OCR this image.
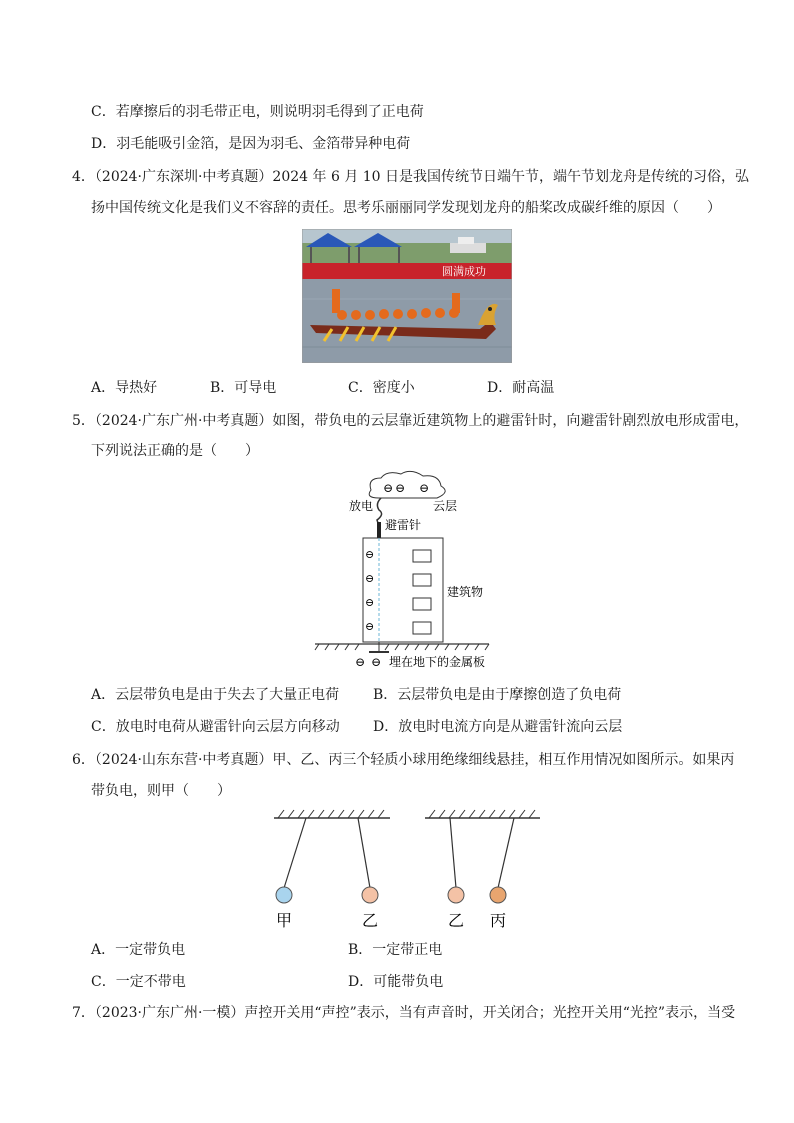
C．若摩擦后的羽毛带正电，则说明羽毛得到了正电荷
D．羽毛能吸引金箔，是因为羽毛、金箔带异种电荷
4．（2024·广东深圳·中考真题）2024 年 6 月 10 日是我国传统节日端午节，端午节划龙舟是传统的习俗，弘
扬中国传统文化是我们义不容辞的责任。思考乐丽丽同学发现划龙舟的船桨改成碳纤维的原因（　　）
圆满成功
A．导热好	B．可导电	C．密度小	D．耐高温
5．（2024·广东广州·中考真题）如图，带负电的云层靠近建筑物上的避雷针时，向避雷针剧烈放电形成雷电，
下列说法正确的是（　　）
⊖ ⊖ ⊖
放电	云层
避雷针
⊖
⊖
⊖
⊖
建筑物
⊖ ⊖ 埋在地下的金属板
A．云层带负电是由于失去了大量正电荷 B．云层带负电是由于摩擦创造了负电荷
C．放电时电荷从避雷针向云层方向移动 D．放电时电流方向是从避雷针流向云层
6．（2024·山东东营·中考真题）甲、乙、丙三个轻质小球用绝缘细线悬挂，相互作用情况如图所示。如果丙
带负电，则甲（　　）
甲	乙	乙 丙
A．一定带负电	B．一定带正电
C．一定不带电	D．可能带负电
7．（2023·广东广州·一模）声控开关用“声控”表示，当有声音时，开关闭合；光控开关用“光控”表示，当受
